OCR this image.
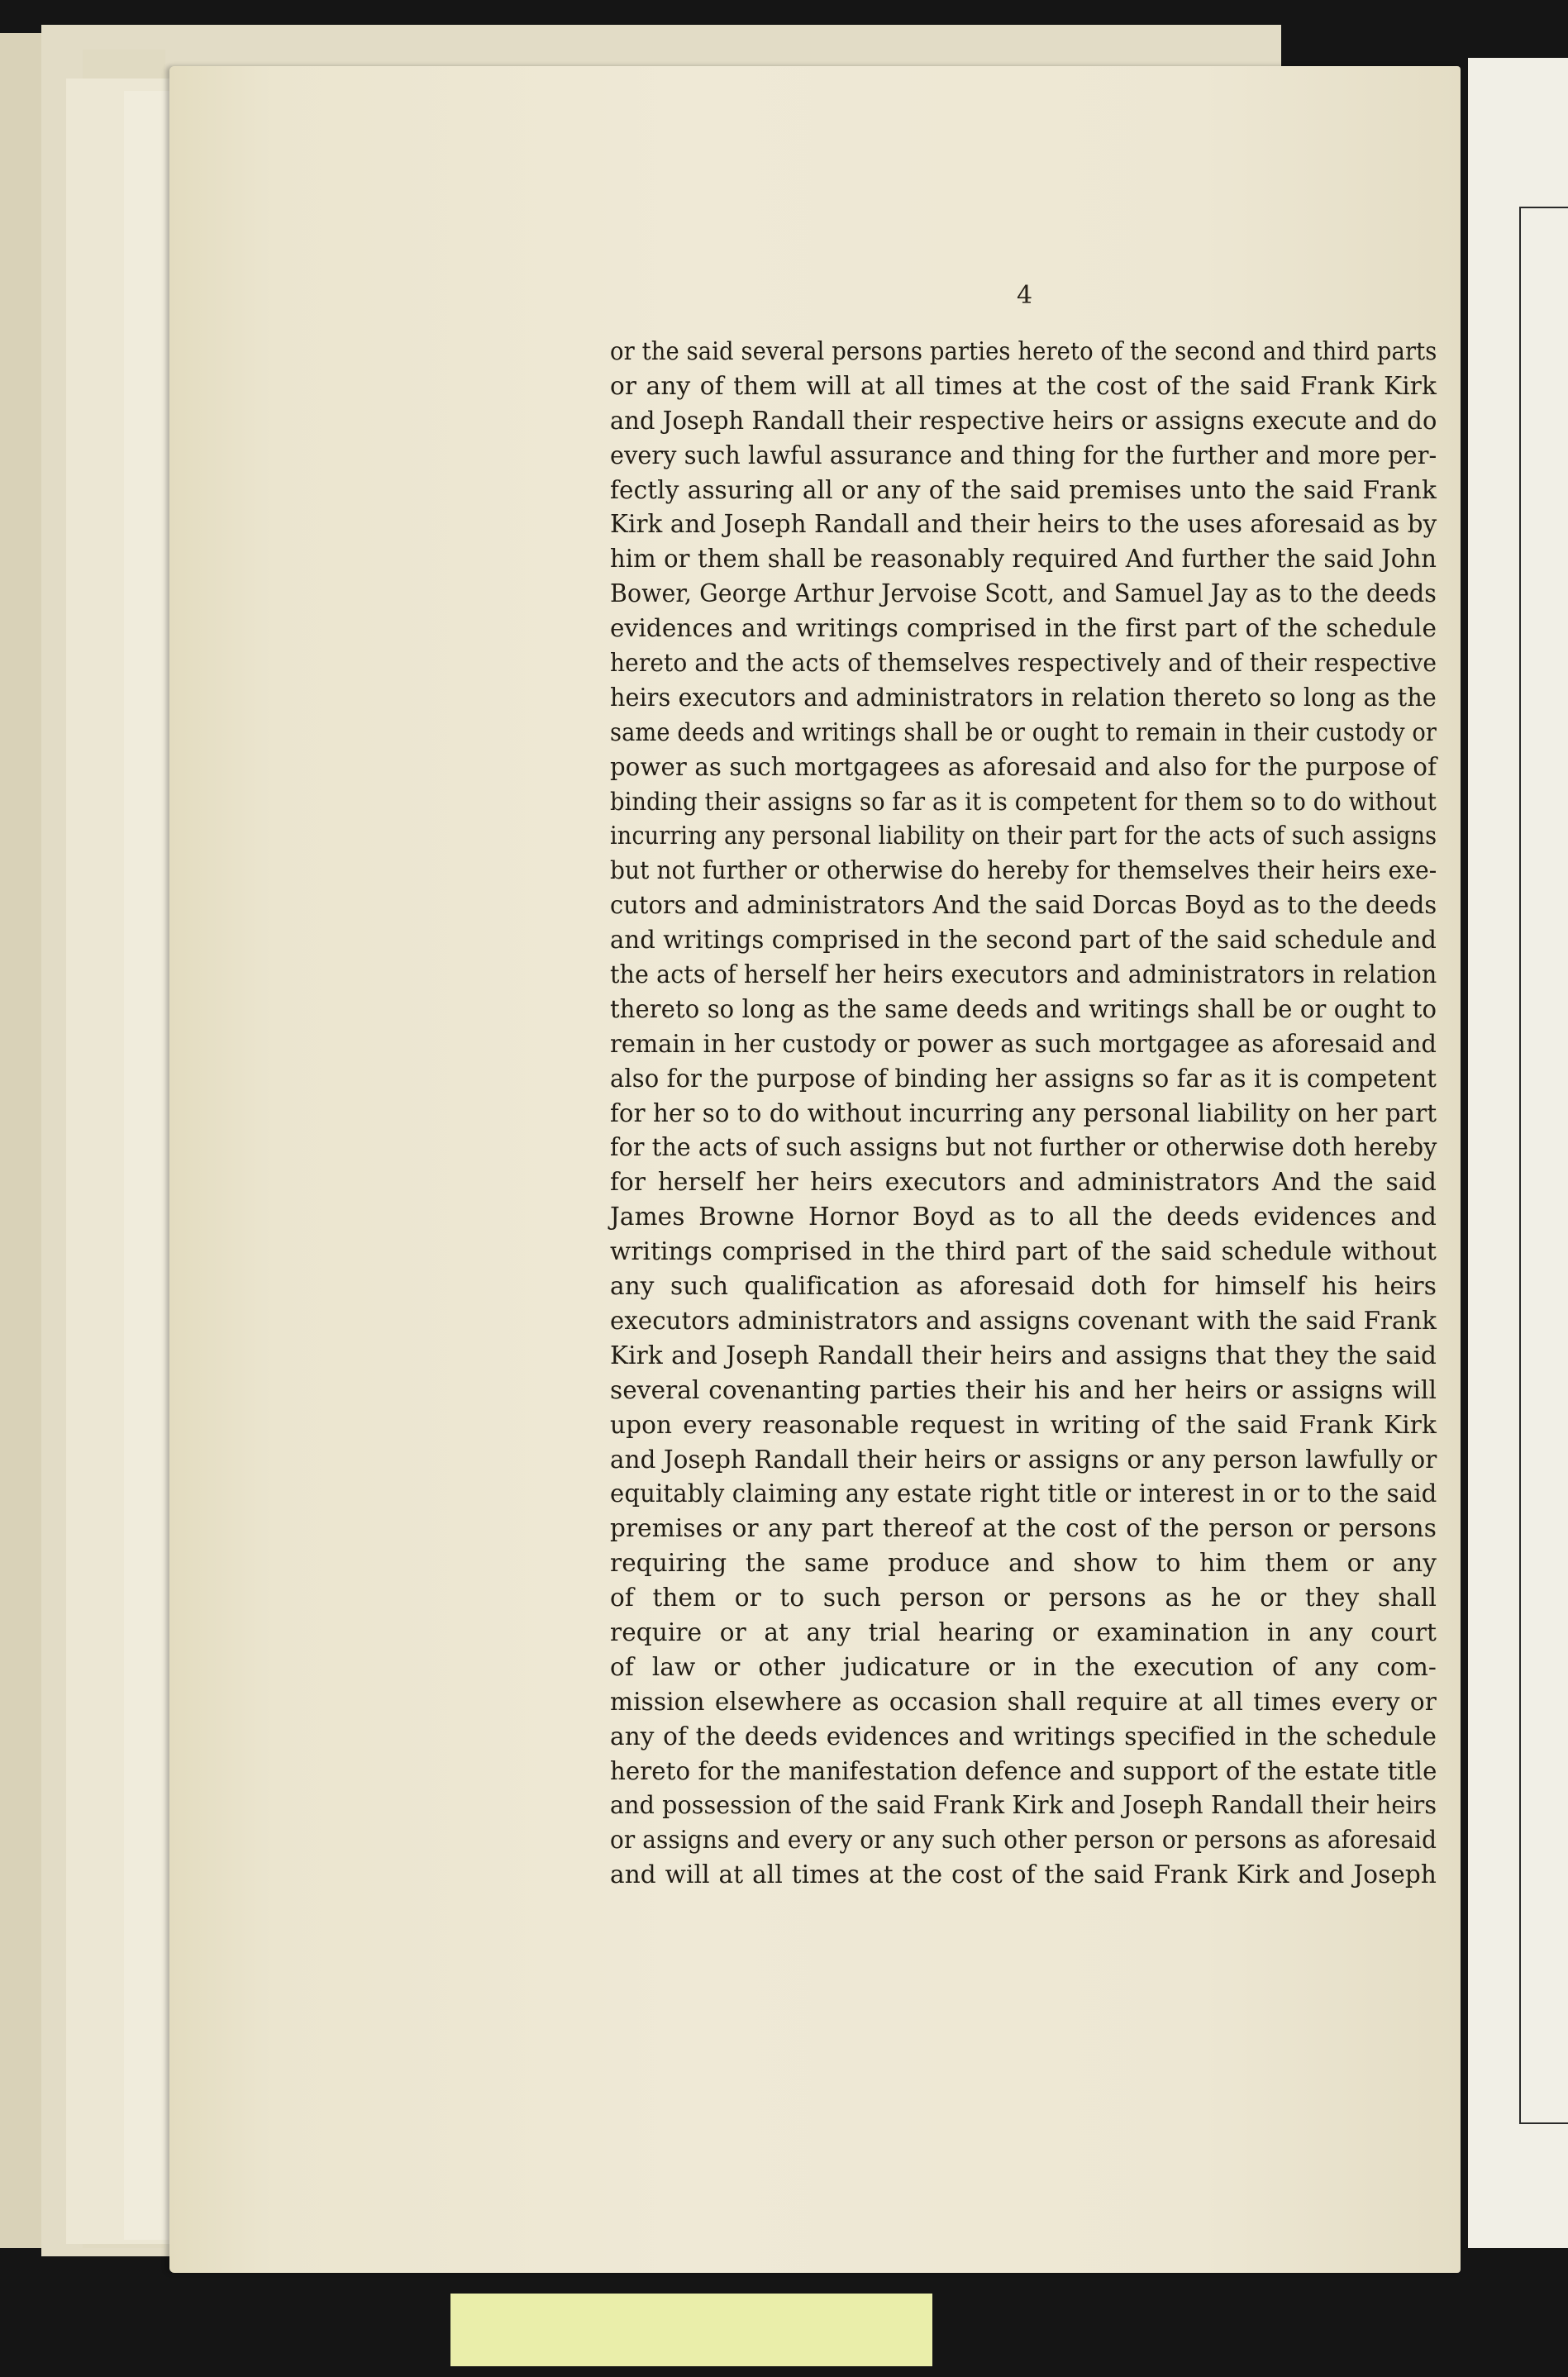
4
or the said several persons parties hereto of the second and third parts
or any of them will at all times at the cost of the said Frank Kirk
and Joseph Randall their respective heirs or assigns execute and do
every such lawful assurance and thing for the further and more per-
fectly assuring all or any of the said premises unto the said Frank
Kirk and Joseph Randall and their heirs to the uses aforesaid as by
him or them shall be reasonably required And further the said John
Bower, George Arthur Jervoise Scott, and Samuel Jay as to the deeds
evidences and writings comprised in the first part of the schedule
hereto and the acts of themselves respectively and of their respective
heirs executors and administrators in relation thereto so long as the
same deeds and writings shall be or ought to remain in their custody or
power as such mortgagees as aforesaid and also for the purpose of
binding their assigns so far as it is competent for them so to do without
incurring any personal liability on their part for the acts of such assigns
but not further or otherwise do hereby for themselves their heirs exe-
cutors and administrators And the said Dorcas Boyd as to the deeds
and writings comprised in the second part of the said schedule and
the acts of herself her heirs executors and administrators in relation
thereto so long as the same deeds and writings shall be or ought to
remain in her custody or power as such mortgagee as aforesaid and
also for the purpose of binding her assigns so far as it is competent
for her so to do without incurring any personal liability on her part
for the acts of such assigns but not further or otherwise doth hereby
for herself her heirs executors and administrators And the said
James Browne Hornor Boyd as to all the deeds evidences and
writings comprised in the third part of the said schedule without
any such qualification as aforesaid doth for himself his heirs
executors administrators and assigns covenant with the said Frank
Kirk and Joseph Randall their heirs and assigns that they the said
several covenanting parties their his and her heirs or assigns will
upon every reasonable request in writing of the said Frank Kirk
and Joseph Randall their heirs or assigns or any person lawfully or
equitably claiming any estate right title or interest in or to the said
premises or any part thereof at the cost of the person or persons
requiring the same produce and show to him them or any
of them or to such person or persons as he or they shall
require or at any trial hearing or examination in any court
of law or other judicature or in the execution of any com-
mission elsewhere as occasion shall require at all times every or
any of the deeds evidences and writings specified in the schedule
hereto for the manifestation defence and support of the estate title
and possession of the said Frank Kirk and Joseph Randall their heirs
or assigns and every or any such other person or persons as aforesaid
and will at all times at the cost of the said Frank Kirk and Joseph
